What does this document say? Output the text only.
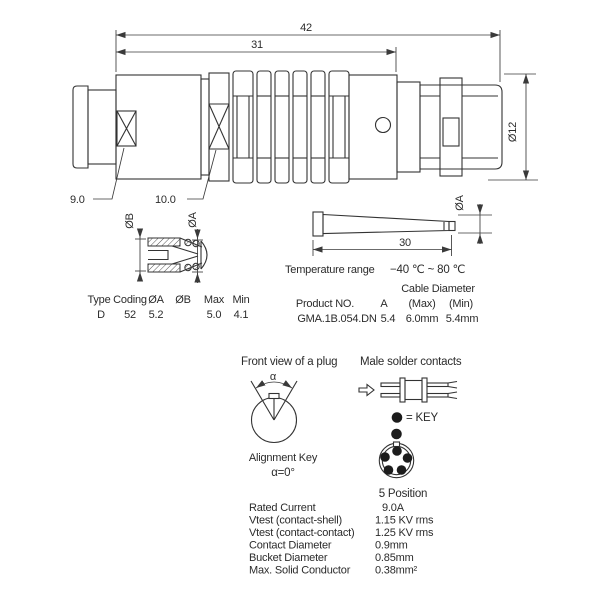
42
31
Ø12
9.0	10.0
30
ØA
ØB	ØA
Type Coding ØA ØB Max Min
D 52 5.2	5.0 4.1
Temperature range −40 ℃ ~ 80 ℃
Cable Diameter
Product NO. A (Max) (Min)
GMA.1B.054.DN 5.4 6.0mm 5.4mm
Front view of a plug
α
Alignment Key
α=0°
Male solder contacts
= KEY
5 Position
Rated Current	9.0A
Vtest (contact-shell)	1.15 KV rms
Vtest (contact-contact) 1.25 KV rms
Contact Diameter	0.9mm
Bucket Diameter	0.85mm
Max. Solid Conductor 0.38mm²
